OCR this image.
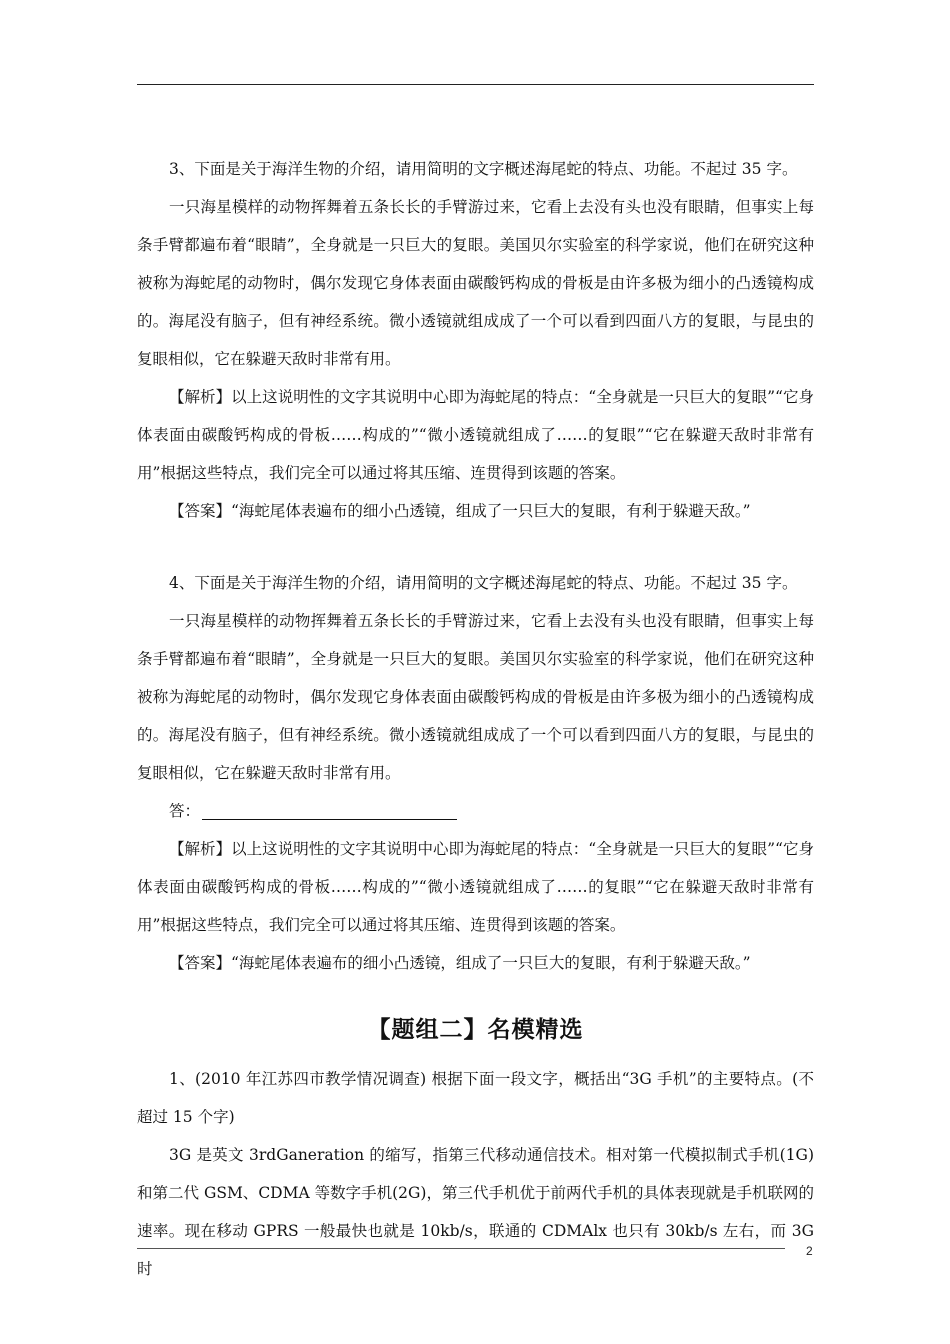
3、下面是关于海洋生物的介绍，请用简明的文字概述海尾蛇的特点、功能。不起过 35 字。

一只海星模样的动物挥舞着五条长长的手臂游过来，它看上去没有头也没有眼睛，但事实上每条手臂都遍布着“眼睛”，全身就是一只巨大的复眼。美国贝尔实验室的科学家说，他们在研究这种被称为海蛇尾的动物时，偶尔发现它身体表面由碳酸钙构成的骨板是由许多极为细小的凸透镜构成的。海尾没有脑子，但有神经系统。微小透镜就组成成了一个可以看到四面八方的复眼，与昆虫的复眼相似，它在躲避天敌时非常有用。

【解析】以上这说明性的文字其说明中心即为海蛇尾的特点：“全身就是一只巨大的复眼”“它身体表面由碳酸钙构成的骨板……构成的”“微小透镜就组成了……的复眼”“它在躲避天敌时非常有用”根据这些特点，我们完全可以通过将其压缩、连贯得到该题的答案。

【答案】“海蛇尾体表遍布的细小凸透镜，组成了一只巨大的复眼，有利于躲避天敌。”

4、下面是关于海洋生物的介绍，请用简明的文字概述海尾蛇的特点、功能。不起过 35 字。

一只海星模样的动物挥舞着五条长长的手臂游过来，它看上去没有头也没有眼睛，但事实上每条手臂都遍布着“眼睛”，全身就是一只巨大的复眼。美国贝尔实验室的科学家说，他们在研究这种被称为海蛇尾的动物时，偶尔发现它身体表面由碳酸钙构成的骨板是由许多极为细小的凸透镜构成的。海尾没有脑子，但有神经系统。微小透镜就组成成了一个可以看到四面八方的复眼，与昆虫的复眼相似，它在躲避天敌时非常有用。

答：

【解析】以上这说明性的文字其说明中心即为海蛇尾的特点：“全身就是一只巨大的复眼”“它身体表面由碳酸钙构成的骨板……构成的”“微小透镜就组成了……的复眼”“它在躲避天敌时非常有用”根据这些特点，我们完全可以通过将其压缩、连贯得到该题的答案。

【答案】“海蛇尾体表遍布的细小凸透镜，组成了一只巨大的复眼，有利于躲避天敌。”

【题组二】名模精选

1、(2010 年江苏四市教学情况调查) 根据下面一段文字，概括出“3G 手机”的主要特点。(不超过 15 个字)

3G 是英文 3rdGaneration 的缩写，指第三代移动通信技术。相对第一代模拟制式手机(1G)和第二代 GSM、CDMA 等数字手机(2G)，第三代手机优于前两代手机的具体表现就是手机联网的速率。现在移动 GPRS 一般最快也就是 10kb/s，联通的 CDMAlx 也只有 30kb/s 左右，而 3G 时

2
